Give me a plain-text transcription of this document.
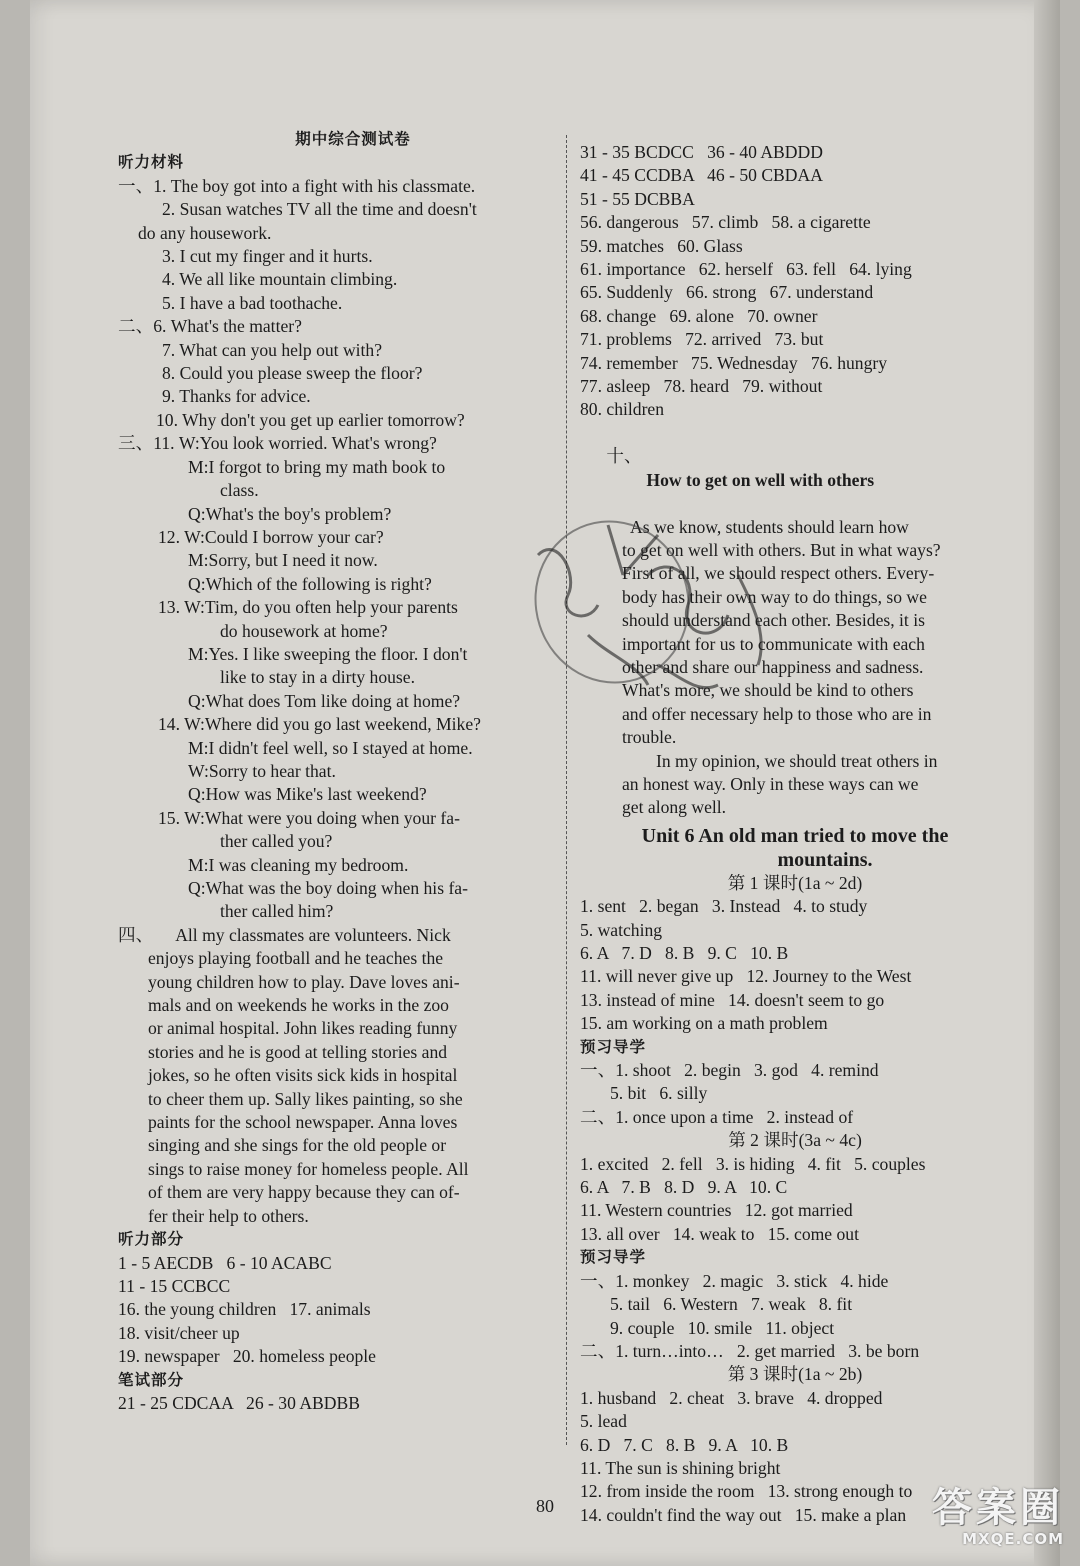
期中综合测试卷
听力材料
一、1. The boy got into a fight with his classmate.
2. Susan watches TV all the time and doesn't
do any housework.
3. I cut my finger and it hurts.
4. We all like mountain climbing.
5. I have a bad toothache.
二、6. What's the matter?
7. What can you help out with?
8. Could you please sweep the floor?
9. Thanks for advice.
10. Why don't you get up earlier tomorrow?
三、11. W:You look worried. What's wrong?
M:I forgot to bring my math book to
class.
Q:What's the boy's problem?
12. W:Could I borrow your car?
M:Sorry, but I need it now.
Q:Which of the following is right?
13. W:Tim, do you often help your parents
do housework at home?
M:Yes. I like sweeping the floor. I don't
like to stay in a dirty house.
Q:What does Tom like doing at home?
14. W:Where did you go last weekend, Mike?
M:I didn't feel well, so I stayed at home.
W:Sorry to hear that.
Q:How was Mike's last weekend?
15. W:What were you doing when your fa-
ther called you?
M:I was cleaning my bedroom.
Q:What was the boy doing when his fa-
ther called him?
四、 All my classmates are volunteers. Nick
enjoys playing football and he teaches the
young children how to play. Dave loves ani-
mals and on weekends he works in the zoo
or animal hospital. John likes reading funny
stories and he is good at telling stories and
jokes, so he often visits sick kids in hospital
to cheer them up. Sally likes painting, so she
paints for the school newspaper. Anna loves
singing and she sings for the old people or
sings to raise money for homeless people. All
of them are very happy because they can of-
fer their help to others.
听力部分
1 - 5 AECDB   6 - 10 ACABC
11 - 15 CCBCC
16. the young children   17. animals
18. visit/cheer up
19. newspaper   20. homeless people
笔试部分
21 - 25 CDCAA   26 - 30 ABDBB
31 - 35 BCDCC   36 - 40 ABDDD
41 - 45 CCDBA   46 - 50 CBDAA
51 - 55 DCBBA
56. dangerous   57. climb   58. a cigarette
59. matches   60. Glass
61. importance   62. herself   63. fell   64. lying
65. Suddenly   66. strong   67. understand
68. change   69. alone   70. owner
71. problems   72. arrived   73. but
74. remember   75. Wednesday   76. hungry
77. asleep   78. heard   79. without
80. children

十、
How to get on well with others

As we know, students should learn how
to get on well with others. But in what ways?
First of all, we should respect others. Every-
body has their own way to do things, so we
should understand each other. Besides, it is
important for us to communicate with each
other and share our happiness and sadness.
What's more, we should be kind to others
and offer necessary help to those who are in
trouble.
In my opinion, we should treat others in
an honest way. Only in these ways can we
get along well.
Unit 6 An old man tried to move the
mountains.
第 1 课时(1a ~ 2d)
1. sent   2. began   3. Instead   4. to study
5. watching
6. A   7. D   8. B   9. C   10. B
11. will never give up   12. Journey to the West
13. instead of mine   14. doesn't seem to go
15. am working on a math problem
预习导学
一、1. shoot   2. begin   3. god   4. remind
5. bit   6. silly
二、1. once upon a time   2. instead of
第 2 课时(3a ~ 4c)
1. excited   2. fell   3. is hiding   4. fit   5. couples
6. A   7. B   8. D   9. A   10. C
11. Western countries   12. got married
13. all over   14. weak to   15. come out
预习导学
一、1. monkey   2. magic   3. stick   4. hide
5. tail   6. Western   7. weak   8. fit
9. couple   10. smile   11. object
二、1. turn…into…   2. get married   3. be born
第 3 课时(1a ~ 2b)
1. husband   2. cheat   3. brave   4. dropped
5. lead
6. D   7. C   8. B   9. A   10. B
11. The sun is shining bright
12. from inside the room   13. strong enough to
14. couldn't find the way out   15. make a plan
80	答案圈
MXQE.COM
